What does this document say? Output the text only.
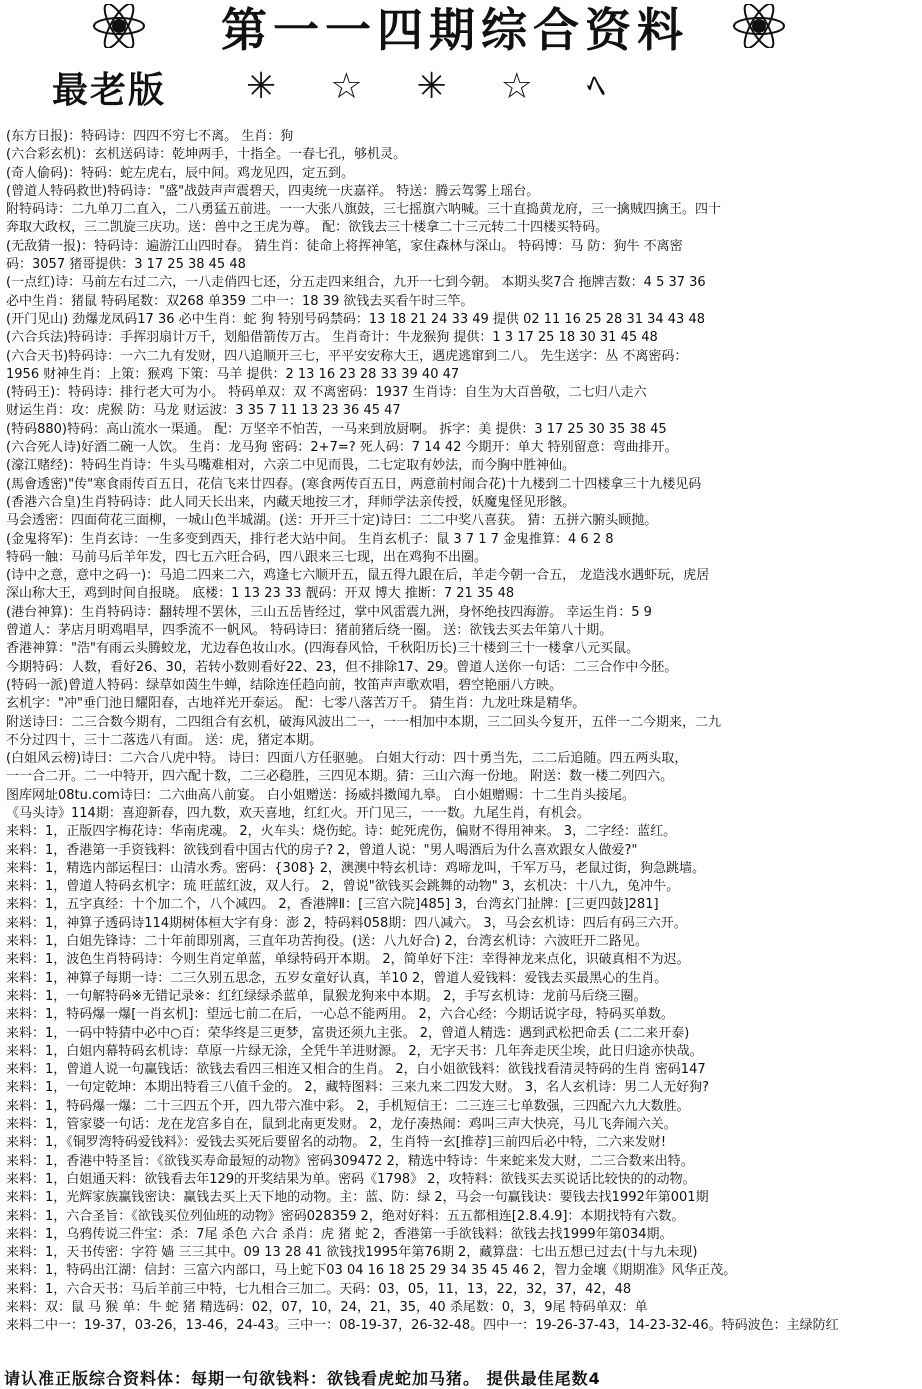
第一一四期综合资料
最老版 ✳ ☆ ✳ ☆ ﾍ
(东方日报)：特码诗：四四不穷七不离。 生肖：狗
(六合彩玄机)：玄机送码诗：乾坤两手，十指全。一春七孔，够机灵。
(奇人偷码)：特码：蛇左虎右，辰中间。鸡龙见四，定五到。
(曾道人特码救世)特码诗："盛"战鼓声声震碧天，四夷统一庆嘉祥。 特送：腾云驾雾上瑶台。
附特码诗：二九单刀二直入，二八勇猛五前进。一一大张八旗鼓，三七摇旗六呐喊。三十直捣黄龙府，三一擒贼四擒王。四十
奔取大政权，三二凯旋三庆功。送：兽中之王虎为尊。 配：欲钱去三十楼拿二十三元转二十四楼买特码。
(无敌猜一报)：特码诗：遍游江山四时春。 猜生肖：徒命上将挥神笔，家住森林与深山。 特码博：马 防：狗牛 不离密
码：3057 猪哥提供：3 17 25 38 45 48
(一点红)诗：马前左右过二六，一八走俏四七还，分五走四来组合，九开一七到今朝。 本期头奖7合 拖牌吉数：4 5 37 36
必中生肖：猪鼠 特码尾数：双268 单359 二中一：18 39 欲钱去买看午时三竿。
(开门见山) 劲爆龙凤码17 36 必中生肖：蛇 狗 特别号码禁码：13 18 21 24 33 49 提供 02 11 16 25 28 31 34 43 48
(六合兵法)特码诗：手挥羽扇计万千，划船借箭传万古。 生肖奇计：牛龙猴狗 提供：1 3 17 25 18 30 31 45 48
(六合天书)特码诗：一六二九有发财，四八追顺开三七，平平安安称大王，遇虎逃窜到二八。 先生送字：丛 不离密码：
1956 财神生肖：上策：猴鸡 下策：马羊 提供：2 13 16 23 28 33 39 40 47
(特码王)：特码诗：排行老大可为小。 特码单双：双 不离密码：1937 生肖诗：自生为大百兽敬，二七归八走六
财运生肖：攻：虎猴 防：马龙 财运波：3 35 7 11 13 23 36 45 47
(特码880)特码：高山流水一渠通。 配：万坚辛不怕苦，一马来到放厨啊。 拆字：美 提供：3 17 25 30 35 38 45
(六合死人诗)好酒二碗一人饮。 生肖：龙马狗 密码：2+7=? 死人码：7 14 42 今期开：单大 特别留意：弯曲排开。
(濠江赌经)：特码生肖诗：牛头马嘴难相对，六亲二中见而畏，二七定取有妙法，而今胸中胜神仙。
(馬會透密)"传"寒食雨传百五日，花信飞来廿四春。(寒食两传百五日，两意前村闹合花)十九楼到二十四楼拿三十九楼见码
(香港六合皇)生肖特码诗：此人同天长出来，内藏天地按三才，拜师学法亲传授，妖魔鬼怪见形骸。
马会透密：四面荷花三面柳，一城山色半城湖。(送：开开三十定)诗曰：二二中奖八喜获。 猜：五拼六腑头顾抛。
(金鬼将军)：生肖玄诗：一生多变到西天，排行老大站中间。 生肖玄机子：鼠 3 7 1 7 金鬼推算：4 6 2 8
特码一触：马前马后羊年发，四七五六旺合码，四八跟来三七现，出在鸡狗不出圈。
(诗中之意，意中之码一)：马追二四来二六，鸡逢七六顺开五，鼠五得九跟在后，羊走今朝一合五， 龙造浅水遇虾玩，虎居
深山称大王，鸡到时间自报晓。 底楼：1 13 23 33 靓码：开双 博大 推断：7 21 35 48
(港台神算)：生肖特码诗：翻转埋不罢休，三山五岳皆经过，掌中风雷震九洲，身怀绝技四海游。 幸运生肖：5 9
曾道人：茅店月明鸡唱早，四季流不一帆风。 特码诗曰：猪前猪后绕一圈。 送：欲钱去买去年第八十期。
香港神算："浩"有雨云头腾蛟龙，尤边春色妆山水。(四海春风恰，千秋阳历长)三十楼到三十一楼拿八元买鼠。
今期特码：人数，看好26、30，若转小数则看好22、23，但不排除17、29。曾道人送你一句话：二三合作中今胚。
(特码一派)曾道人特码：绿草如茵生牛蝉，结除连任趋向前，牧笛声声歌欢唱，碧空艳丽八方映。
玄机字："冲"垂门池日耀阳春，古地祥光开泰运。 配：七零八落苦万千。 猜生肖：九龙吐珠是精华。
附送诗曰：二三合数今期有，二四组合有玄机，破海风波出二一，一一相加中本期，三二回头今复开，五伴一二今期来，二九
不分过四十，三十二落选八有面。 送：虎，猪定本期。
(白姐风云榜)诗曰：二六合八虎中特。 诗曰：四面八方任驱驰。 白姐大行动：四十勇当先，二二后追随。四五两头取，
一一合二开。二一中特开，四六配十数，二三必稳胜，三四见本期。猜：三山六海一份地。 附送：数一楼二列四六。
图库网址08tu.com诗曰：二六曲高八前宴。 白小姐赠送：扬威抖擞闻九皋。 白小姐赠赐：十二生肖头接尾。
《马头诗》114期：喜迎新春，四九数，欢天喜地，红红火。开门见三，一一数。九尾生肖，有机会。
来料：1，正版四字梅花诗：华南虎魂。 2，火车头：烧伤蛇。诗：蛇死虎伤，偏财不得用神来。 3，二字经：蓝红。
来料：1，香港第一手资钱料：欲钱到看中国古代的房子? 2，曾道人说："男人喝酒后为什么喜欢跟女人做爱?"
来料：1，精选内部运程曰：山清水秀。密码：{308} 2，澳澳中特玄机诗：鸡啼龙叫，千军万马，老鼠过街，狗急跳墙。
来料：1，曾道人特码玄机字：琉 旺蓝红波，双人行。 2，曾说"欲钱买会跳舞的动物" 3，玄机决：十八九，兔冲牛。
来料：1，五字真经：十个加二个，八个减四。 2，香港牌Ⅱ：[三宫六院]485] 3，台湾玄门扯牌：[三更四鼓]281]
来料：1，神算子透码诗114期树体桓大字有身：澎 2，特码料058期：四八减六。 3，马会玄机诗：四后有码三六开。
来料：1，白姐先锋诗：二十年前即别离，三直年功苦拘役。(送：八九好合) 2，台湾玄机诗：六波旺开二路见。
来料：1，波色生肖特码诗：今则生肖定单蓝，单绿特码开本期。 2，简单好下注：幸得神龙来点化，识破真相不为迟。
来料：1，神算子每期一诗：二三久别五思念，五岁女童好认真，羊10 2，曾道人爱钱料：爱钱去买最黑心的生肖。
来料：1，一句解特码※无错记录※：红红绿绿杀蓝单，鼠猴龙狗来中本期。 2，手写玄机诗：龙前马后绕三圈。
来料：1，特码爆一爆[一肖玄机]：望远七前二在后，一心总不能两用。 2，六合心经：今期话说字母，特码买单数。
来料：1，一码中特猜中必中○百：荣华终是三更梦，富贵还须九主张。 2，曾道人精选：遇到武松把命丢 (二二来开泰)
来料：1，白姐内幕特码玄机诗：草原一片绿无涂，全凭牛羊进财源。 2，无字天书：几年奔走厌尘埃，此日归途亦快哉。
来料：1，曾道人说一句赢钱话：欲钱去看四三相连又相合的生肖。 2，白小姐欲钱料：欲钱找看清灵特码的生肖 密码147
来料：1，一句定乾坤：本期出特看三八值千金的。 2，藏特图料：三来九来二四发大财。 3，名人玄机诗：男二人无好狗?
来料：1，特码爆一爆：二十三四五个开，四九带六准中彩。 2，手机短信王：二三连三七单数强，三四配六九大数胜。
来料：1，管家婆一句话：龙在龙宫多自在，鼠到北南更发财。 2，龙仔凑热闹：鸡叫三声大快亮，马儿飞奔闹六关。
来料：1，《铜罗湾特码爱钱料》：爱钱去买死后要留名的动物。 2，生肖特一玄[推荐]三前四后必中特，二六来发财!
来料：1，香港中特圣旨：《欲钱买寿命最短的动物》密码309472 2，精选中特诗：牛来蛇来发大财，二三合数来出特。
来料：1，白姐通天料：欲钱看去年129的开奖结果为单。密码《1798》 2，攻特料：欲钱买去买说话比较快的的动物。
来料：1，光辉家族赢钱密诀：赢钱去买上天下地的动物。主：蓝、防：绿 2，马会一句赢钱诀：要钱去找1992年第001期
来料：1，六合圣旨：《欲钱买位列仙班的动物》密码028359 2，绝对好料：五五都相连[2.8.4.9]：本期找特有六数。
来料：1，乌鸦传说三件宝：杀：7尾 杀色 六合 杀肖：虎 猪 蛇 2，香港第一手欲钱料：欲钱去找1999年第034期。
来料：1，天书传密：字符 嫱 三三其中。09 13 28 41 欲钱找1995年第76期 2，藏算盘：七出五想已过去(十与九未现)
来料：1，特码出江湖：信封：三富六内部口，马上蛇下03 04 16 18 25 29 34 35 45 46 2，智力金壤《期期准》风华正茂。
来料：1，六合天书：马后羊前三中特，七九相合三加二。天码：03，05，11，13，22，32，37，42，48
来料：双：鼠 马 猴 单：牛 蛇 猪 精选码：02，07，10，24，21，35，40 杀尾数：0，3，9尾 特码单双：单
来料二中一：19-37，03-26，13-46，24-43。三中一：08-19-37，26-32-48。四中一：19-26-37-43，14-23-32-46。特码波色：主绿防红
请认准正版综合资料体：每期一句欲钱料：欲钱看虎蛇加马猪。 提供最佳尾数4
